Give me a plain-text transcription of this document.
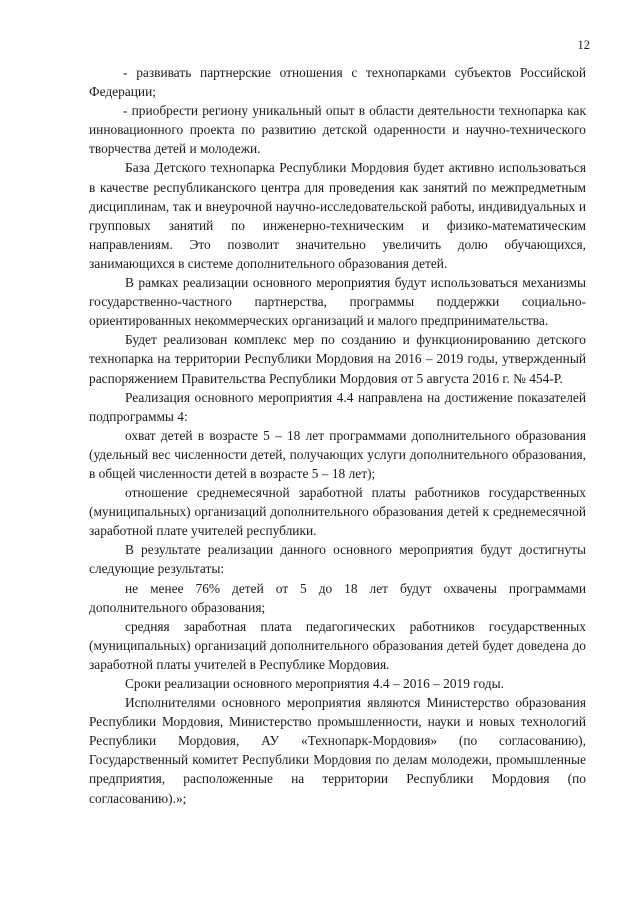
12

- развивать партнерские отношения с технопарками субъектов Российской Федерации;

- приобрести региону уникальный опыт в области деятельности технопарка как инновационного проекта по развитию детской одаренности и научно-технического творчества детей и молодежи.

База Детского технопарка Республики Мордовия будет активно использоваться в качестве республиканского центра для проведения как занятий по межпредметным дисциплинам, так и внеурочной научно-исследовательской работы, индивидуальных и групповых занятий по инженерно-техническим и физико-математическим направлениям. Это позволит значительно увеличить долю обучающихся, занимающихся в системе дополнительного образования детей.

В рамках реализации основного мероприятия будут использоваться механизмы государственно-частного партнерства, программы поддержки социально-ориентированных некоммерческих организаций и малого предпринимательства.

Будет реализован комплекс мер по созданию и функционированию детского технопарка на территории Республики Мордовия на 2016 – 2019 годы, утвержденный распоряжением Правительства Республики Мордовия от 5 августа 2016 г. № 454-Р.

Реализация основного мероприятия 4.4 направлена на достижение показателей подпрограммы 4:

охват детей в возрасте 5 – 18 лет программами дополнительного образования (удельный вес численности детей, получающих услуги дополнительного образования, в общей численности детей в возрасте 5 – 18 лет);

отношение среднемесячной заработной платы работников государственных (муниципальных) организаций дополнительного образования детей к среднемесячной заработной плате учителей республики.

В результате реализации данного основного мероприятия будут достигнуты следующие результаты:

не менее 76% детей от 5 до 18 лет будут охвачены программами дополнительного образования;

средняя заработная плата педагогических работников государственных (муниципальных) организаций дополнительного образования детей будет доведена до заработной платы учителей в Республике Мордовия.

Сроки реализации основного мероприятия 4.4 – 2016 – 2019 годы.

Исполнителями основного мероприятия являются Министерство образования Республики Мордовия, Министерство промышленности, науки и новых технологий Республики Мордовия, АУ «Технопарк-Мордовия» (по согласованию), Государственный комитет Республики Мордовия по делам молодежи, промышленные предприятия, расположенные на территории Республики Мордовия (по согласованию).»;
